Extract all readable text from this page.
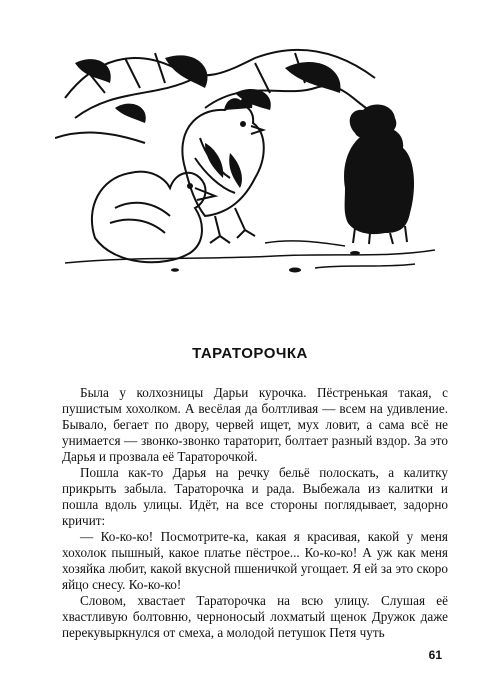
ТАРАТОРОЧКА

Была у колхозницы Дарьи курочка. Пёстренькая такая, с пушистым хохолком. А весёлая да болтливая — всем на удивление. Бывало, бегает по двору, червей ищет, мух ловит, а сама всё не унимается — звонко-звонко тараторит, болтает разный вздор. За это Дарья и прозвала её Тараторочкой.

Пошла как-то Дарья на речку бельё полоскать, а калитку прикрыть забыла. Тараторочка и рада. Выбежала из калитки и пошла вдоль улицы. Идёт, на все стороны поглядывает, задорно кричит:

— Ко-ко-ко! Посмотрите-ка, какая я красивая, какой у меня хохолок пышный, какое платье пёстрое... Ко-ко-ко! А уж как меня хозяйка любит, какой вкусной пшеничкой угощает. Я ей за это скоро яйцо снесу. Ко-ко-ко!

Словом, хвастает Тараторочка на всю улицу. Слушая её хвастливую болтовню, черноносый лохматый щенок Дружок даже перекувыркнулся от смеха, а молодой петушок Петя чуть

61
